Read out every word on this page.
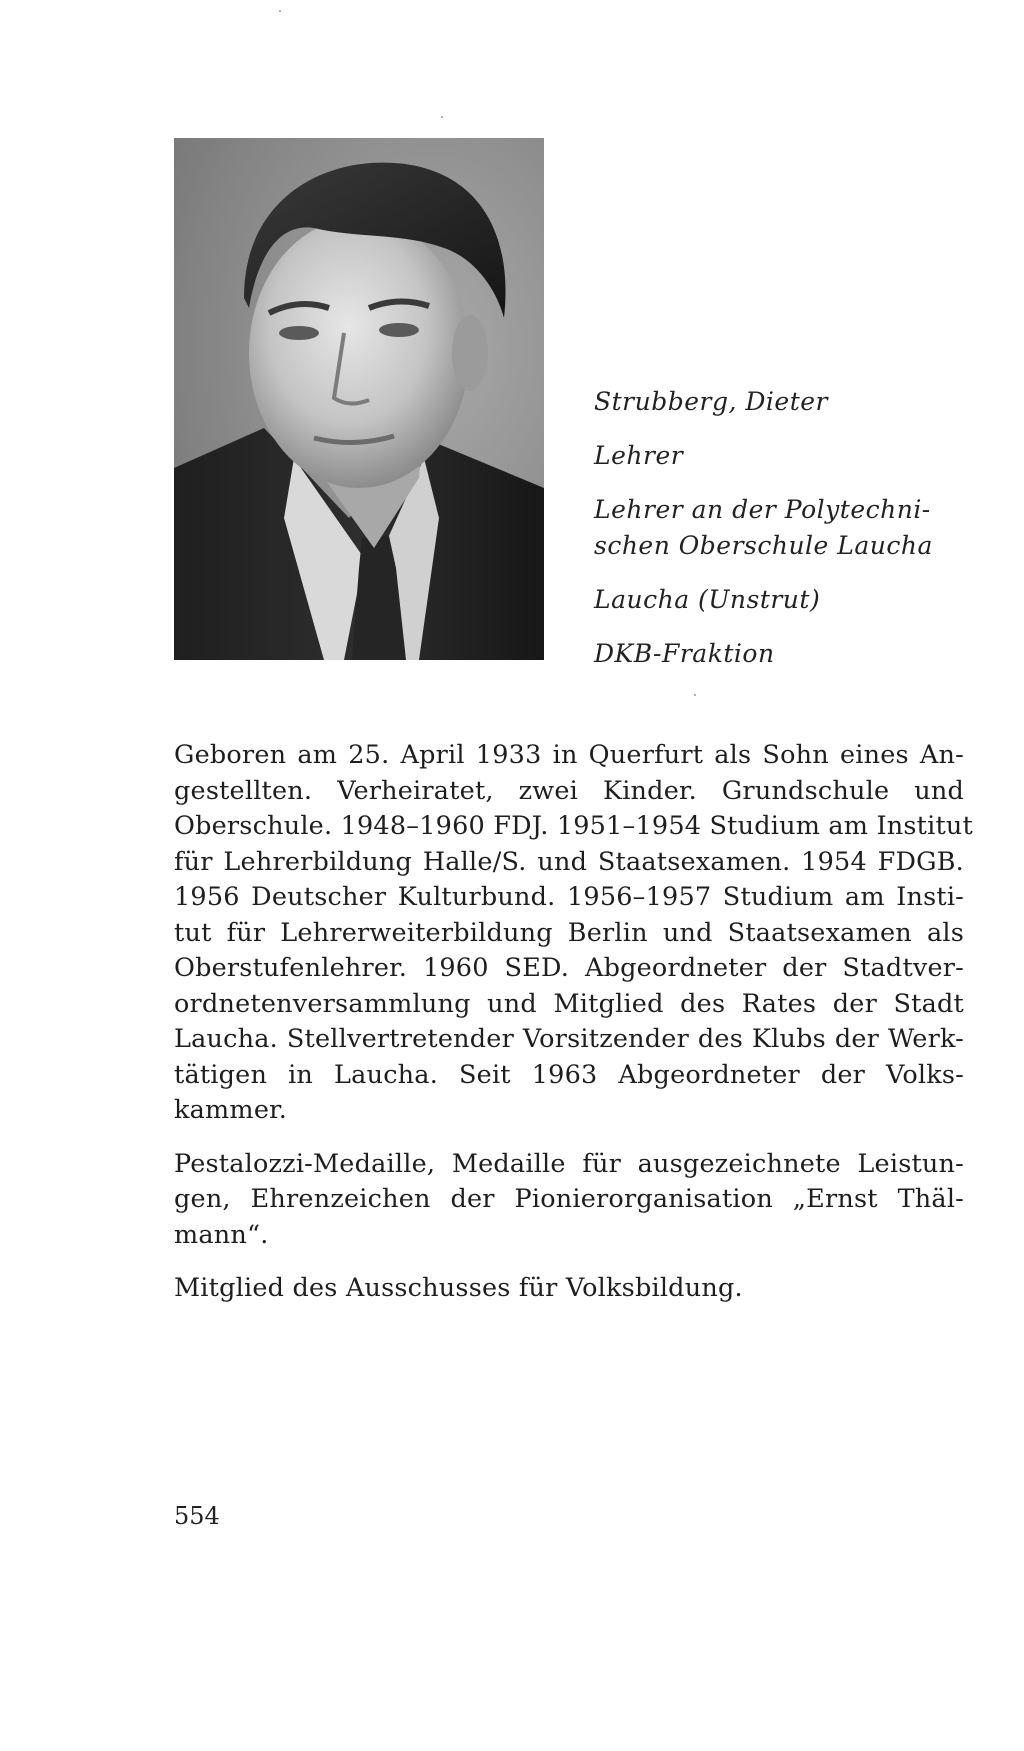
Strubberg, Dieter
Lehrer
Lehrer an der Polytechni-
schen Oberschule Laucha
Laucha (Unstrut)
DKB-Fraktion

Geboren am 25. April 1933 in Querfurt als Sohn eines An-
gestellten. Verheiratet, zwei Kinder. Grundschule und
Oberschule. 1948–1960 FDJ. 1951–1954 Studium am Institut
für Lehrerbildung Halle/S. und Staatsexamen. 1954 FDGB.
1956 Deutscher Kulturbund. 1956–1957 Studium am Insti-
tut für Lehrerweiterbildung Berlin und Staatsexamen als
Oberstufenlehrer. 1960 SED. Abgeordneter der Stadtver-
ordnetenversammlung und Mitglied des Rates der Stadt
Laucha. Stellvertretender Vorsitzender des Klubs der Werk-
tätigen in Laucha. Seit 1963 Abgeordneter der Volks-
kammer.

Pestalozzi-Medaille, Medaille für ausgezeichnete Leistun-
gen, Ehrenzeichen der Pionierorganisation „Ernst Thäl-
mann“.

Mitglied des Ausschusses für Volksbildung.

554
